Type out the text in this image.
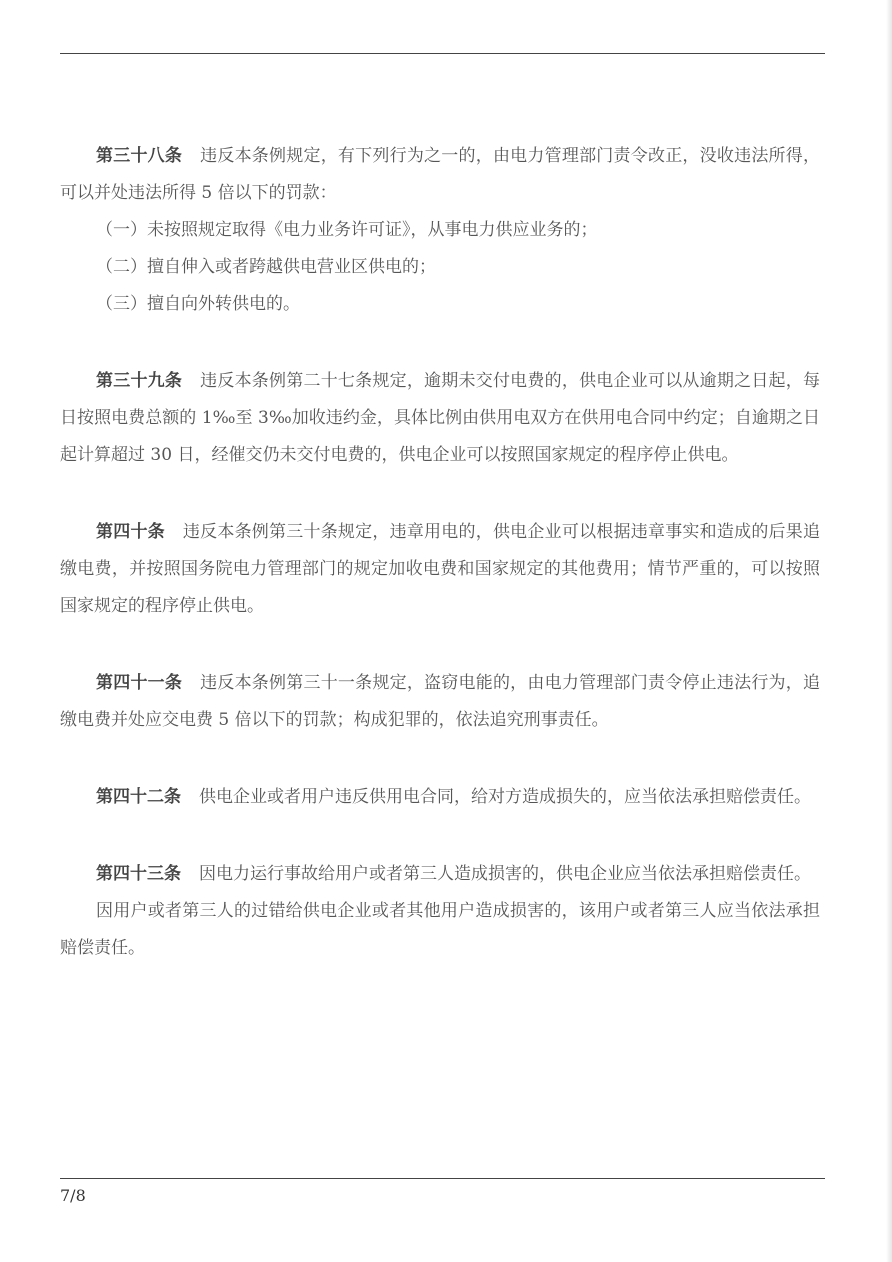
第三十八条 违反本条例规定，有下列行为之一的，由电力管理部门责令改正，没收违法所得，可以并处违法所得 5 倍以下的罚款：

（一）未按照规定取得《电力业务许可证》，从事电力供应业务的；

（二）擅自伸入或者跨越供电营业区供电的；

（三）擅自向外转供电的。

第三十九条 违反本条例第二十七条规定，逾期未交付电费的，供电企业可以从逾期之日起，每日按照电费总额的 1‰至 3‰加收违约金，具体比例由供用电双方在供用电合同中约定；自逾期之日起计算超过 30 日，经催交仍未交付电费的，供电企业可以按照国家规定的程序停止供电。

第四十条 违反本条例第三十条规定，违章用电的，供电企业可以根据违章事实和造成的后果追缴电费，并按照国务院电力管理部门的规定加收电费和国家规定的其他费用；情节严重的，可以按照国家规定的程序停止供电。

第四十一条 违反本条例第三十一条规定，盗窃电能的，由电力管理部门责令停止违法行为，追缴电费并处应交电费 5 倍以下的罚款；构成犯罪的，依法追究刑事责任。

第四十二条 供电企业或者用户违反供用电合同，给对方造成损失的，应当依法承担赔偿责任。

第四十三条 因电力运行事故给用户或者第三人造成损害的，供电企业应当依法承担赔偿责任。

因用户或者第三人的过错给供电企业或者其他用户造成损害的，该用户或者第三人应当依法承担赔偿责任。

7/8
